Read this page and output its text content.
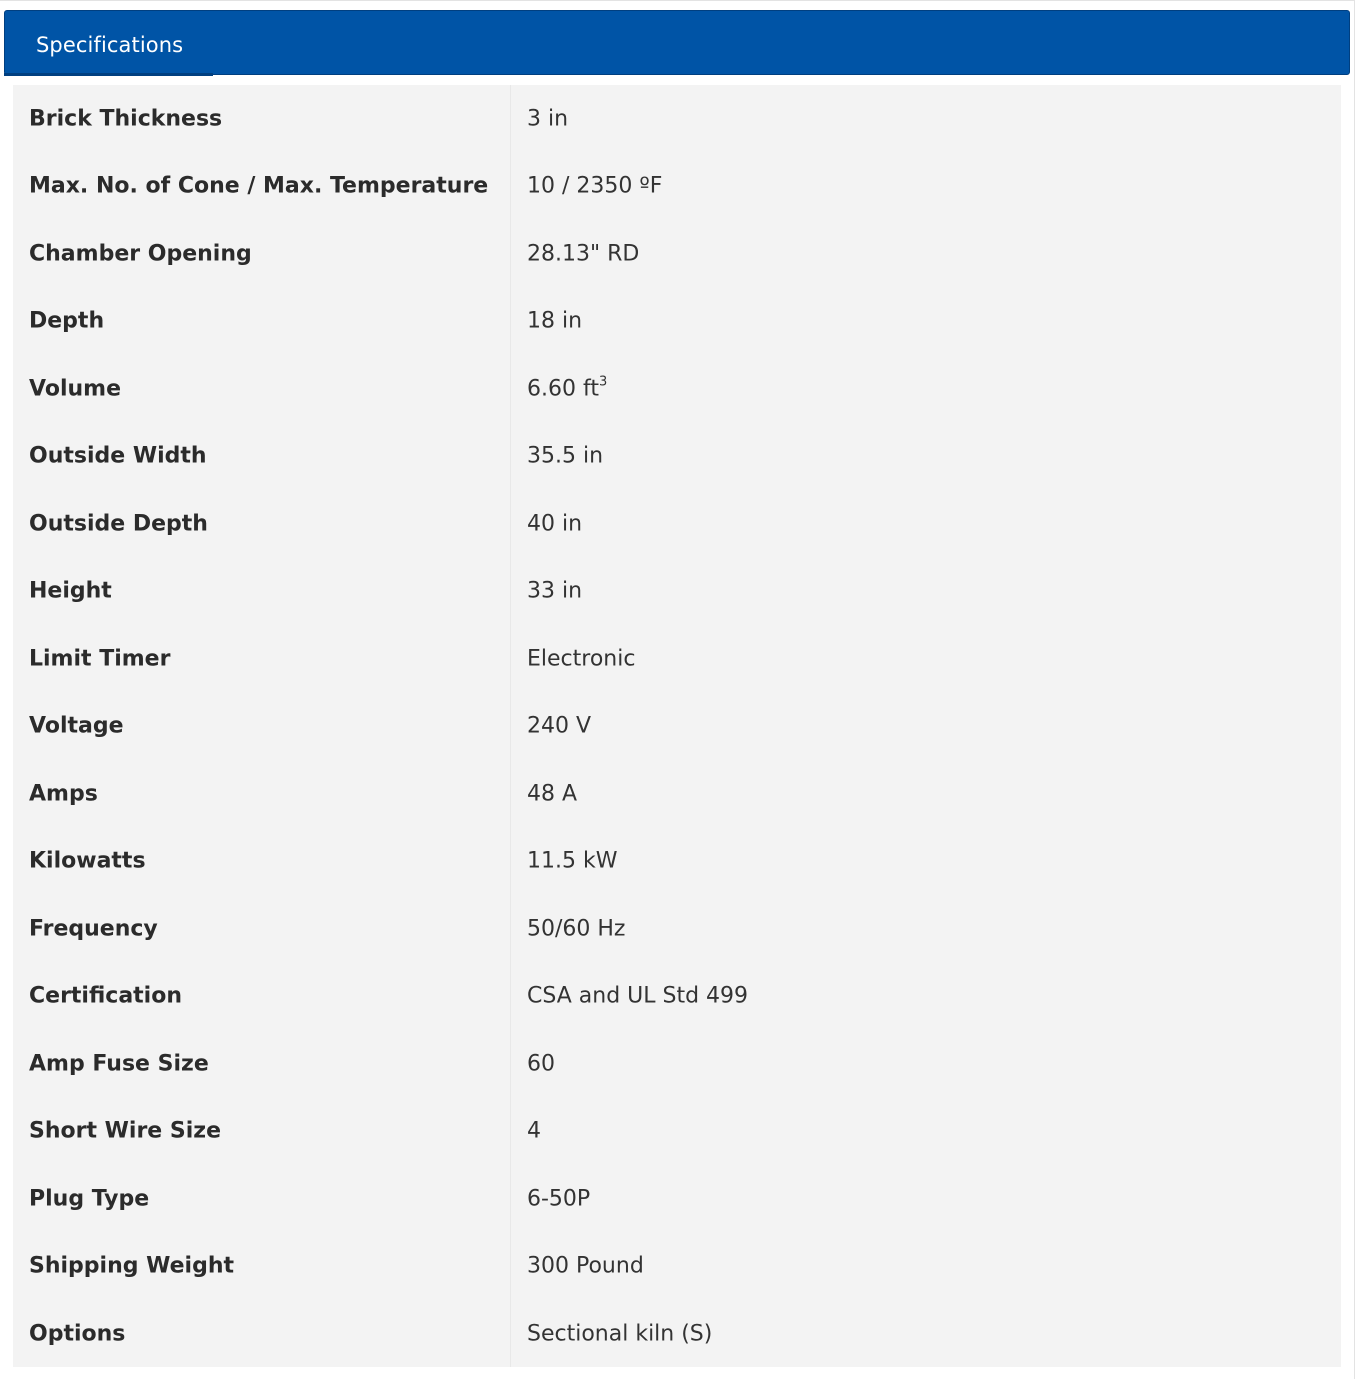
Specifications
Brick Thickness	3 in
Max. No. of Cone / Max. Temperature 10 / 2350 ºF
Chamber Opening	28.13" RD
Depth	18 in
Volume	6.60 $ft^3$
Outside Width	35.5 in
Outside Depth	40 in
Height	33 in
Limit Timer	Electronic
Voltage	240 V
Amps	48 A
Kilowatts	11.5 kW
Frequency	50/60 Hz
Certification	CSA and UL Std 499
Amp Fuse Size	60
Short Wire Size	4
Plug Type	6-50P
Shipping Weight	300 Pound
Options	Sectional kiln (S)
